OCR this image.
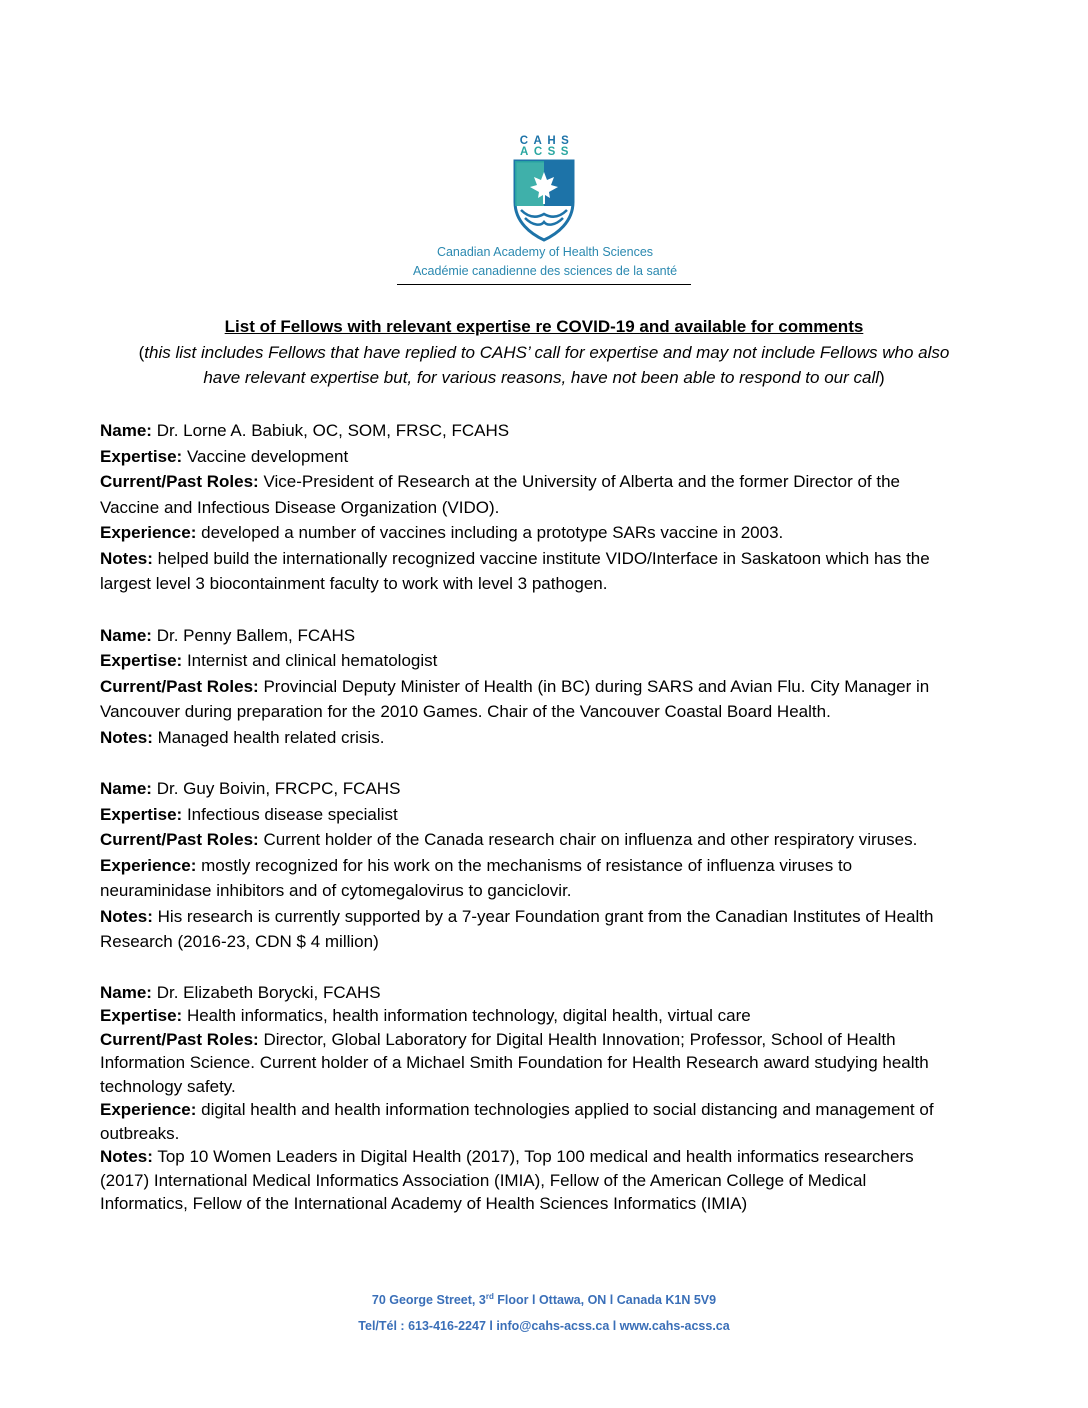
CAHS
ACSS
Canadian Academy of Health Sciences
Académie canadienne des sciences de la santé
List of Fellows with relevant expertise re COVID-19 and available for comments
(this list includes Fellows that have replied to CAHS’ call for expertise and may not include Fellows who also
have relevant expertise but, for various reasons, have not been able to respond to our call)
Name: Dr. Lorne A. Babiuk, OC, SOM, FRSC, FCAHS
Expertise: Vaccine development
Current/Past Roles: Vice-President of Research at the University of Alberta and the former Director of the
Vaccine and Infectious Disease Organization (VIDO).
Experience: developed a number of vaccines including a prototype SARs vaccine in 2003.
Notes: helped build the internationally recognized vaccine institute VIDO/Interface in Saskatoon which has the
largest level 3 biocontainment faculty to work with level 3 pathogen.
Name: Dr. Penny Ballem, FCAHS
Expertise: Internist and clinical hematologist
Current/Past Roles: Provincial Deputy Minister of Health (in BC) during SARS and Avian Flu. City Manager in
Vancouver during preparation for the 2010 Games. Chair of the Vancouver Coastal Board Health.
Notes: Managed health related crisis.
Name: Dr. Guy Boivin, FRCPC, FCAHS
Expertise: Infectious disease specialist
Current/Past Roles: Current holder of the Canada research chair on influenza and other respiratory viruses.
Experience: mostly recognized for his work on the mechanisms of resistance of influenza viruses to
neuraminidase inhibitors and of cytomegalovirus to ganciclovir.
Notes: His research is currently supported by a 7-year Foundation grant from the Canadian Institutes of Health
Research (2016-23, CDN $ 4 million)
Name: Dr. Elizabeth Borycki, FCAHS
Expertise: Health informatics, health information technology, digital health, virtual care
Current/Past Roles: Director, Global Laboratory for Digital Health Innovation; Professor, School of Health
Information Science. Current holder of a Michael Smith Foundation for Health Research award studying health
technology safety.
Experience: digital health and health information technologies applied to social distancing and management of
outbreaks.
Notes: Top 10 Women Leaders in Digital Health (2017), Top 100 medical and health informatics researchers
(2017) International Medical Informatics Association (IMIA), Fellow of the American College of Medical
Informatics, Fellow of the International Academy of Health Sciences Informatics (IMIA)
70 George Street, 3rd Floor l Ottawa, ON l Canada K1N 5V9
Tel/Tél : 613-416-2247 l info@cahs-acss.ca l www.cahs-acss.ca
